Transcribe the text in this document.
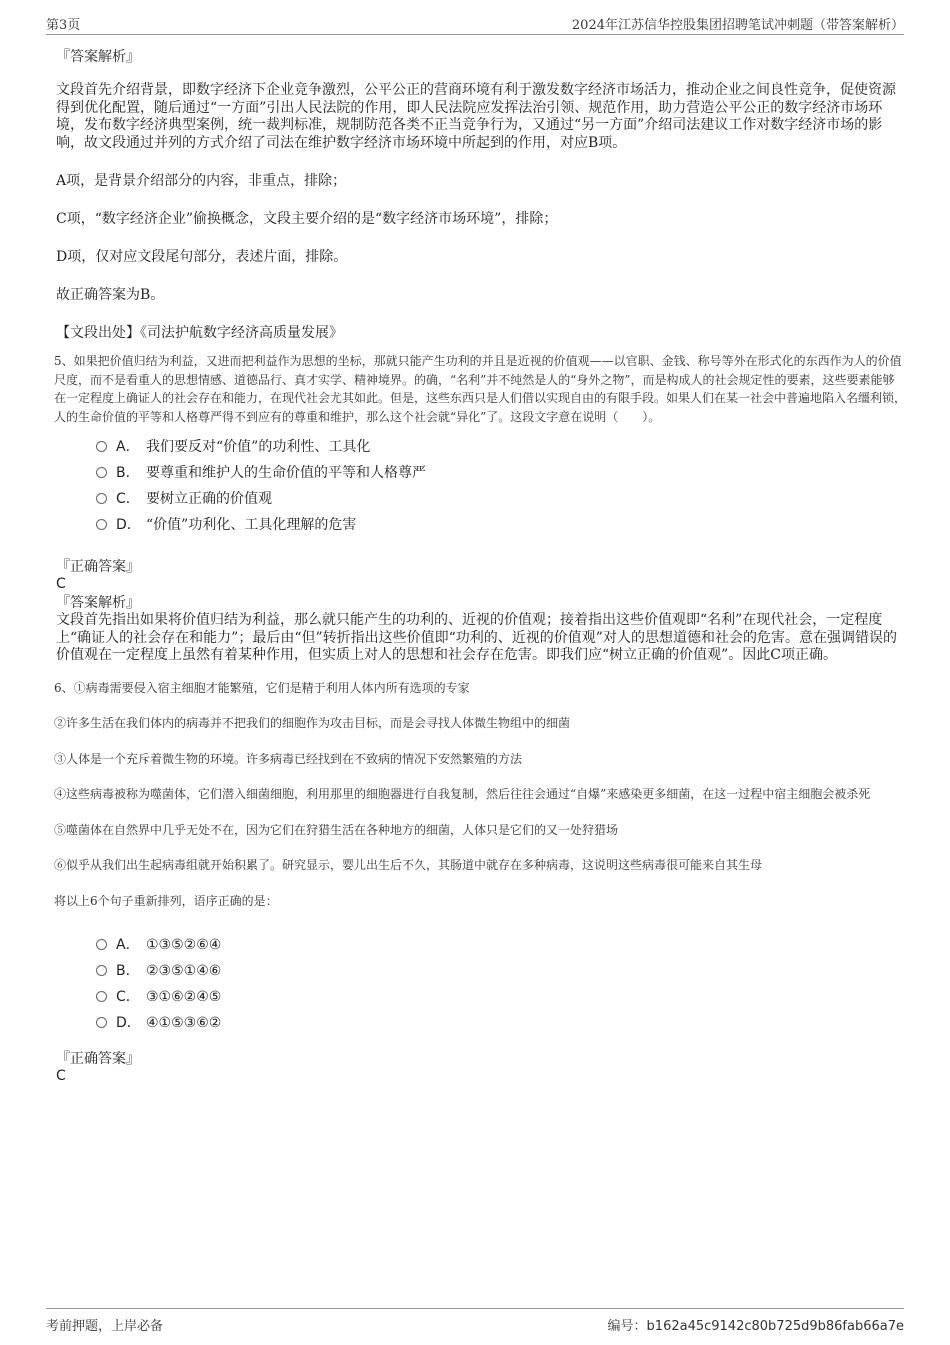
第3页	2024年江苏信华控股集团招聘笔试冲刺题（带答案解析）

『答案解析』

文段首先介绍背景，即数字经济下企业竞争激烈，公平公正的营商环境有利于激发数字经济市场活力，推动企业之间良性竞争，促使资源得到优化配置，随后通过“一方面”引出人民法院的作用，即人民法院应发挥法治引领、规范作用，助力营造公平公正的数字经济市场环境，发布数字经济典型案例，统一裁判标准，规制防范各类不正当竞争行为，又通过“另一方面”介绍司法建议工作对数字经济市场的影响，故文段通过并列的方式介绍了司法在维护数字经济市场环境中所起到的作用，对应B项。

A项，是背景介绍部分的内容，非重点，排除；

C项，“数字经济企业”偷换概念，文段主要介绍的是“数字经济市场环境”，排除；

D项，仅对应文段尾句部分，表述片面，排除。

故正确答案为B。

【文段出处】《司法护航数字经济高质量发展》

5、如果把价值归结为利益，又进而把利益作为思想的坐标，那就只能产生功利的并且是近视的价值观——以官职、金钱、称号等外在形式化的东西作为人的价值尺度，而不是看重人的思想情感、道德品行、真才实学、精神境界。的确，“名利”并不纯然是人的“身外之物”，而是构成人的社会规定性的要素，这些要素能够在一定程度上确证人的社会存在和能力，在现代社会尤其如此。但是，这些东西只是人们借以实现自由的有限手段。如果人们在某一社会中普遍地陷入名缰利锁，人的生命价值的平等和人格尊严得不到应有的尊重和维护，那么这个社会就“异化”了。这段文字意在说明（　　）。

A． 我们要反对“价值”的功利性、工具化
B． 要尊重和维护人的生命价值的平等和人格尊严
C． 要树立正确的价值观
D． “价值”功利化、工具化理解的危害

『正确答案』

C

『答案解析』

文段首先指出如果将价值归结为利益，那么就只能产生的功利的、近视的价值观；接着指出这些价值观即“名利”在现代社会，一定程度上“确证人的社会存在和能力”；最后由“但”转折指出这些价值即“功利的、近视的价值观”对人的思想道德和社会的危害。意在强调错误的价值观在一定程度上虽然有着某种作用，但实质上对人的思想和社会存在危害。即我们应“树立正确的价值观”。因此C项正确。

6、①病毒需要侵入宿主细胞才能繁殖，它们是精于利用人体内所有选项的专家

②许多生活在我们体内的病毒并不把我们的细胞作为攻击目标，而是会寻找人体微生物组中的细菌

③人体是一个充斥着微生物的环境。许多病毒已经找到在不致病的情况下安然繁殖的方法

④这些病毒被称为噬菌体，它们潜入细菌细胞，利用那里的细胞器进行自我复制，然后往往会通过“自爆”来感染更多细菌，在这一过程中宿主细胞会被杀死

⑤噬菌体在自然界中几乎无处不在，因为它们在狩猎生活在各种地方的细菌，人体只是它们的又一处狩猎场

⑥似乎从我们出生起病毒组就开始积累了。研究显示，婴儿出生后不久，其肠道中就存在多种病毒，这说明这些病毒很可能来自其生母

将以上6个句子重新排列，语序正确的是：

A． ①③⑤②⑥④
B． ②③⑤①④⑥
C． ③①⑥②④⑤
D． ④①⑤③⑥②

『正确答案』

C

考前押题，上岸必备	编号：b162a45c9142c80b725d9b86fab66a7e
